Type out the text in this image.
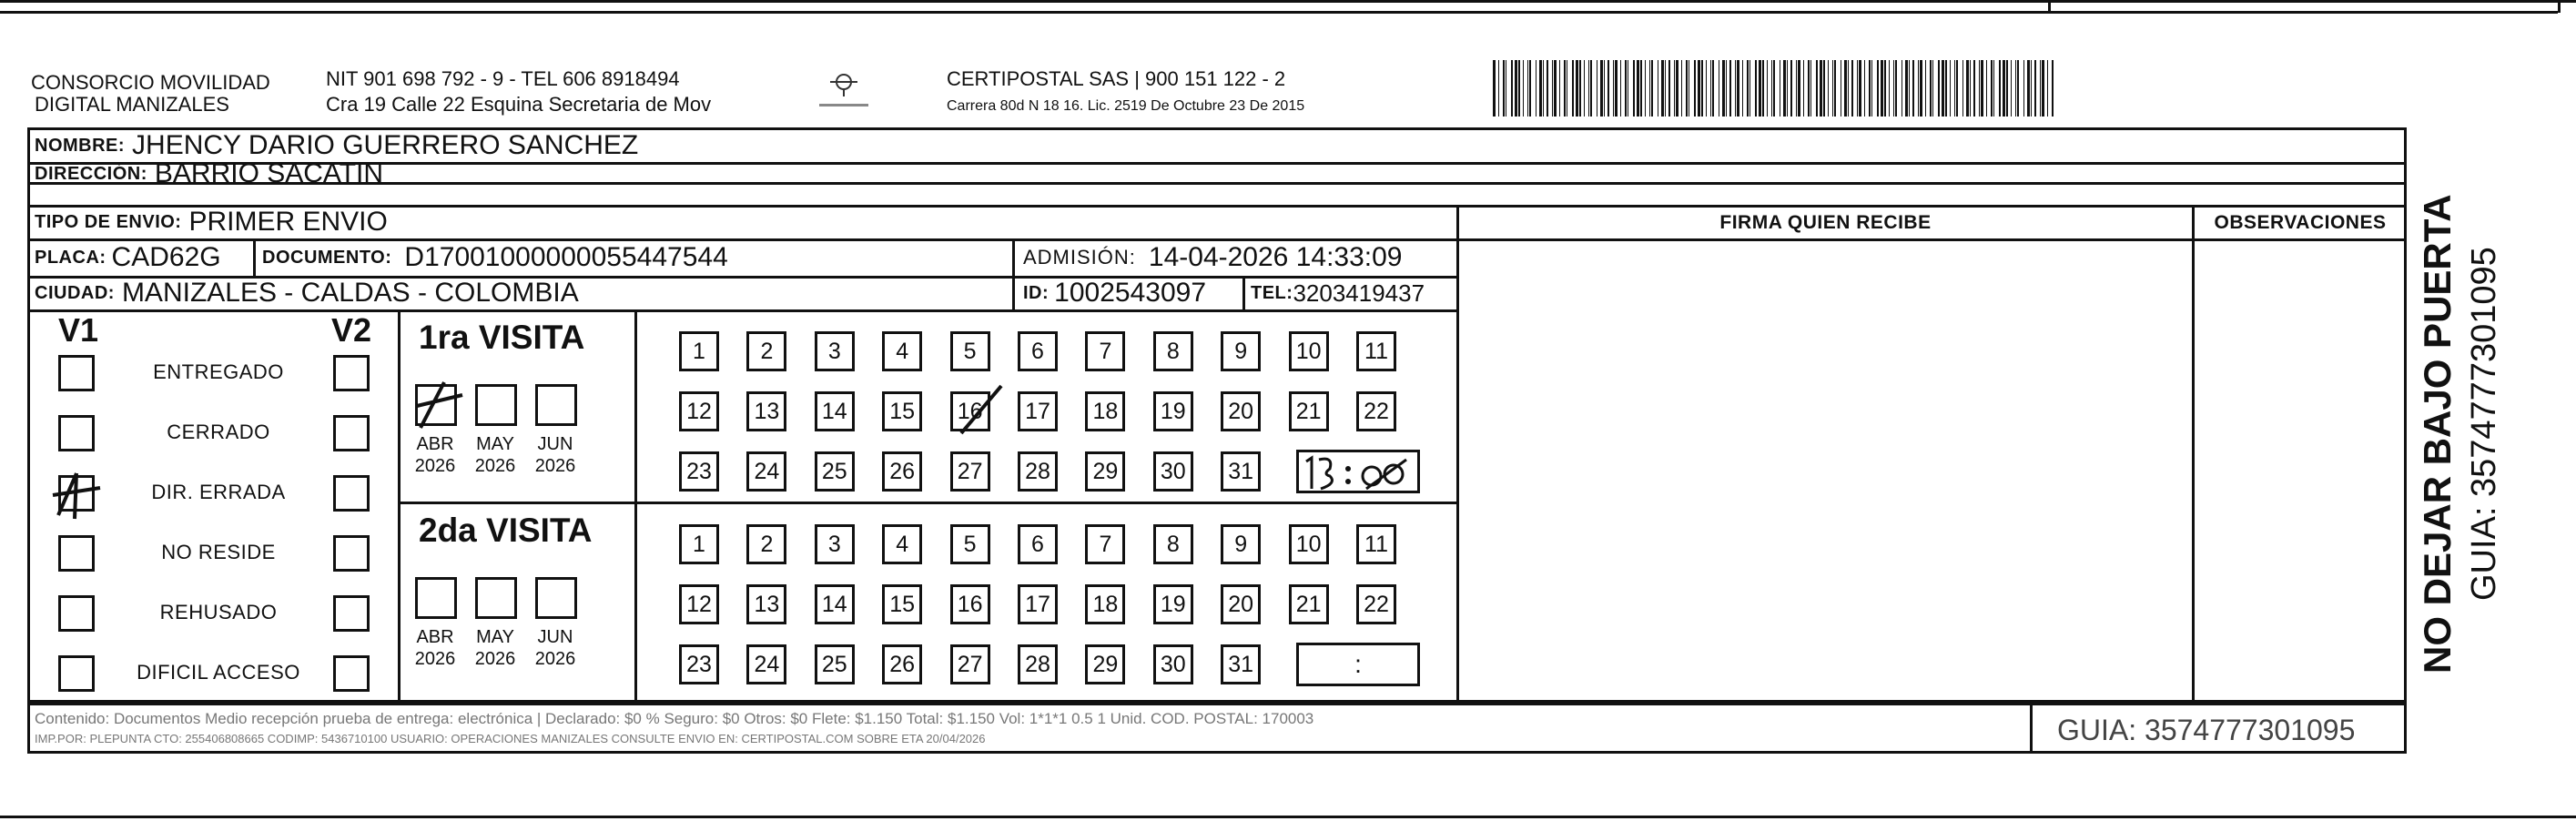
CONSORCIO MOVILIDAD
DIGITAL MANIZALES
NIT 901 698 792 - 9 - TEL 606 8918494
Cra 19 Calle 22 Esquina Secretaria de Mov
CERTIPOSTAL SAS | 900 151 122 - 2
Carrera 80d N 18 16. Lic. 2519 De Octubre 23 De 2015
NOMBRE: JHENCY DARIO GUERRERO SANCHEZ
DIRECCIÓN: BARRIO SACATIN
TIPO DE ENVIO: PRIMER ENVIO
PLACA: CAD62G DOCUMENTO: D17001000000055447544	ADMISIÓN: 14-04-2026 14:33:09
CIUDAD: MANIZALES - CALDAS - COLOMBIA	ID: 1002543097 TEL: 3203419437
FIRMA QUIEN RECIBE	OBSERVACIONES
V1	V2
ENTREGADO
CERRADO
DIR. ERRADA
NO RESIDE
REHUSADO
DIFICIL ACCESO
1ra VISITA
2da VISITA
ABR
2026
MAY
2026
JUN
2026
ABR
2026
MAY
2026
JUN
2026
1	2	3	4	5	6	7	8	9	10	11
12	13	14	15	16	17	18	19	20	21	22
23	24	25	26	27	28	29	30	31
1	2	3	4	5	6	7	8	9	10	11
12	13	14	15	16	17	18	19	20	21	22
23	24	25	26	27	28	29	30	31	:
Contenido: Documentos Medio recepción prueba de entrega: electrónica | Declarado: $0 % Seguro: $0 Otros: $0 Flete: $1.150 Total: $1.150 Vol: 1*1*1 0.5 1 Unid. COD. POSTAL: 170003
IMP.POR: PLEPUNTA CTO: 255406808665 CODIMP: 5436710100 USUARIO: OPERACIONES MANIZALES CONSULTE ENVIO EN: CERTIPOSTAL.COM SOBRE ETA 20/04/2026	GUIA: 3574777301095
NO DEJAR BAJO PUERTA GUIA: 3574777301095
